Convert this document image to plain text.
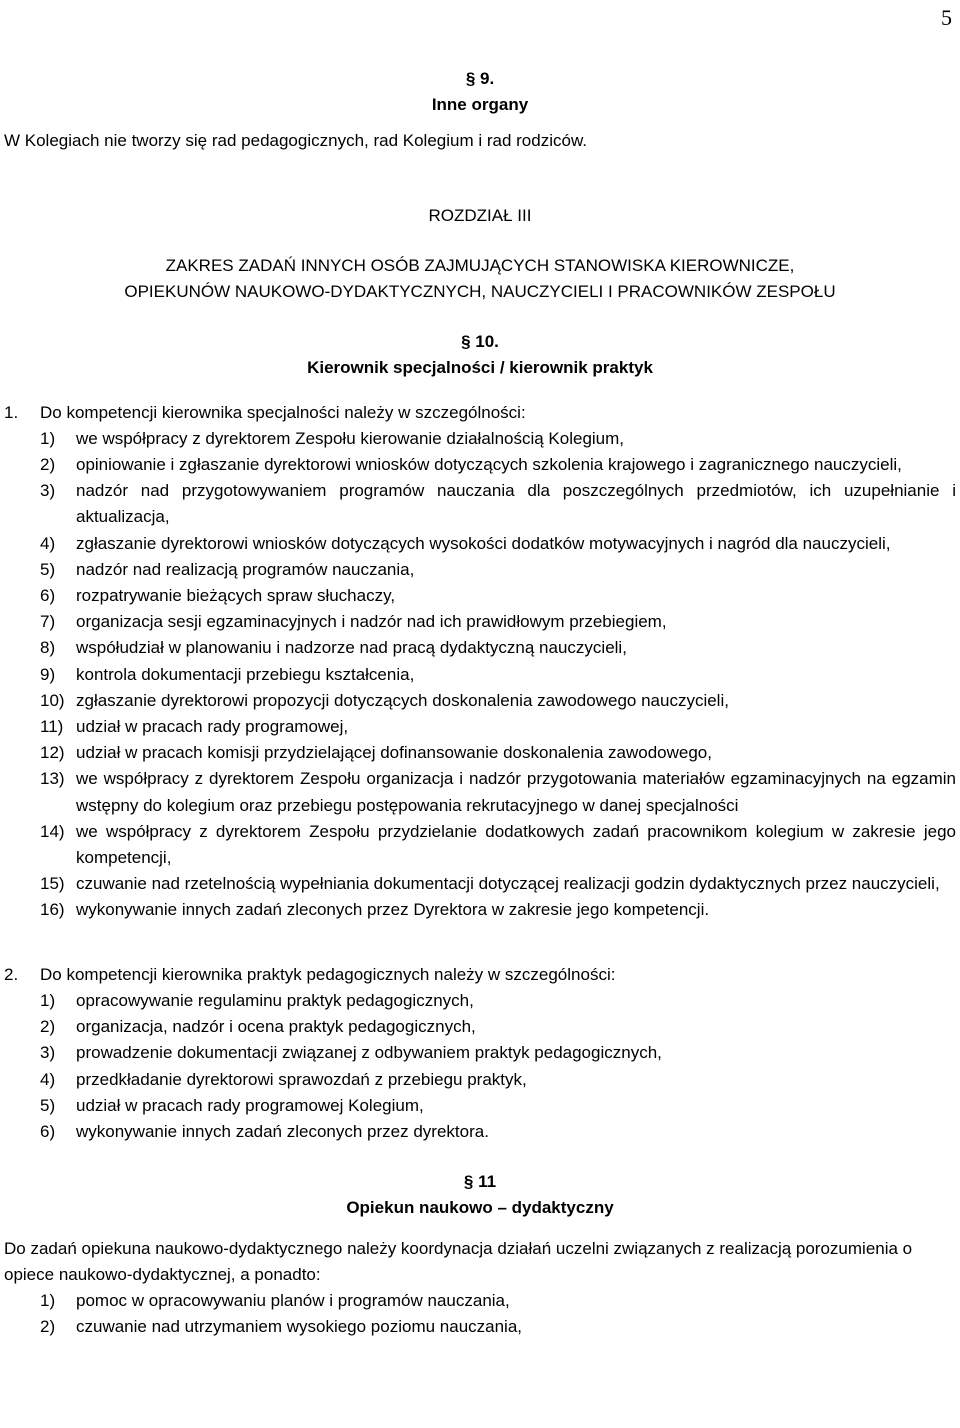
5

§ 9.

Inne organy

W Kolegiach nie tworzy się rad pedagogicznych, rad Kolegium i rad rodziców.

ROZDZIAŁ III

ZAKRES ZADAŃ INNYCH OSÓB ZAJMUJĄCYCH STANOWISKA KIEROWNICZE,

OPIEKUNÓW NAUKOWO-DYDAKTYCZNYCH, NAUCZYCIELI I PRACOWNIKÓW ZESPOŁU

§ 10.

Kierownik specjalności / kierownik praktyk

1. Do kompetencji kierownika specjalności należy w szczególności:
1) we współpracy z dyrektorem Zespołu kierowanie działalnością Kolegium,
2) opiniowanie i zgłaszanie dyrektorowi wniosków dotyczących szkolenia krajowego i zagranicznego nauczycieli,
3) nadzór nad przygotowywaniem programów nauczania dla poszczególnych przedmiotów, ich uzupełnianie i aktualizacja,
4) zgłaszanie dyrektorowi wniosków dotyczących wysokości dodatków motywacyjnych i nagród dla nauczycieli,
5) nadzór nad realizacją programów nauczania,
6) rozpatrywanie bieżących spraw słuchaczy,
7) organizacja sesji egzaminacyjnych i nadzór nad ich prawidłowym przebiegiem,
8) współudział w planowaniu i nadzorze nad pracą dydaktyczną nauczycieli,
9) kontrola dokumentacji przebiegu kształcenia,
10) zgłaszanie dyrektorowi propozycji dotyczących doskonalenia zawodowego nauczycieli,
11) udział w pracach rady programowej,
12) udział w pracach komisji przydzielającej dofinansowanie doskonalenia zawodowego,
13) we współpracy z dyrektorem Zespołu organizacja i nadzór przygotowania materiałów egzaminacyjnych na egzamin wstępny do kolegium oraz przebiegu postępowania rekrutacyjnego w danej specjalności
14) we współpracy z dyrektorem Zespołu przydzielanie dodatkowych zadań pracownikom kolegium w zakresie jego kompetencji,
15) czuwanie nad rzetelnością wypełniania dokumentacji dotyczącej realizacji godzin dydaktycznych przez nauczycieli,
16) wykonywanie innych zadań zleconych przez Dyrektora w zakresie jego kompetencji.
2. Do kompetencji kierownika praktyk pedagogicznych należy w szczególności:
1) opracowywanie regulaminu praktyk pedagogicznych,
2) organizacja, nadzór i ocena praktyk pedagogicznych,
3) prowadzenie dokumentacji związanej z odbywaniem praktyk pedagogicznych,
4) przedkładanie dyrektorowi sprawozdań z przebiegu praktyk,
5) udział w pracach rady programowej Kolegium,
6) wykonywanie innych zadań zleconych przez dyrektora.

§ 11

Opiekun naukowo – dydaktyczny

Do zadań opiekuna naukowo-dydaktycznego należy koordynacja działań uczelni związanych z realizacją porozumienia o opiece naukowo-dydaktycznej, a ponadto:

1) pomoc w opracowywaniu planów i programów nauczania,
2) czuwanie nad utrzymaniem wysokiego poziomu nauczania,
